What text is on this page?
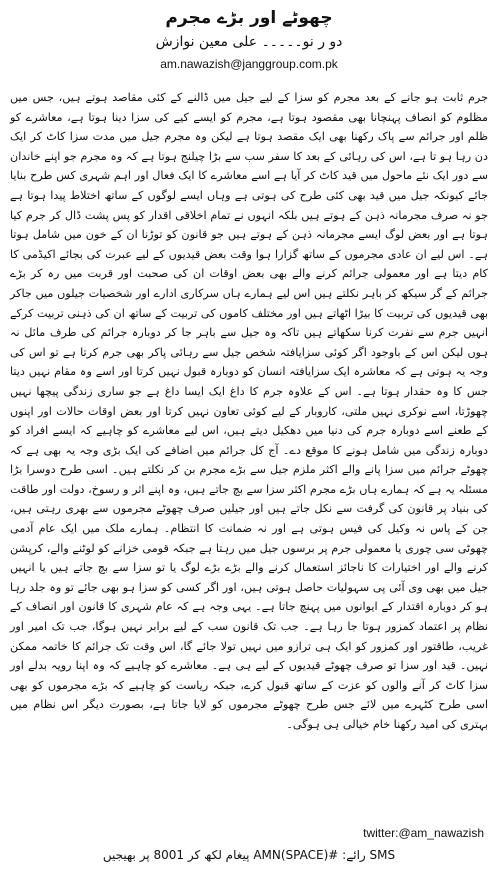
چھوٹے اور بڑے مجرم
دو ر نو۔۔۔۔۔ علی معین نوازش
am.nawazish@janggroup.com.pk

جرم ثابت ہو جانے کے بعد مجرم کو سزا کے لیے جیل میں ڈالنے کے کئی مقاصد ہوتے ہیں، جس میں مظلوم کو انصاف پہنچانا بھی مقصود ہوتا ہے، مجرم کو ایسے کیے کی سزا دینا ہوتا ہے، معاشرے کو ظلم اور جرائم سے پاک رکھنا بھی ایک مقصد ہوتا ہے لیکن وہ مجرم جیل میں مدت سزا کاٹ کر ایک دن رہا ہو تا ہے، اس کی رہائی کے بعد کا سفر سب سے بڑا چیلنج ہوتا ہے کہ وہ مجرم جو اپنے خاندان سے دور ایک نئے ماحول میں قید کاٹ کر آیا ہے اسے معاشرے کا ایک فعال اور اہم شہری کس طرح بنایا جائے کیونکہ جیل میں قید بھی کئی طرح کی ہوتی ہے وہاں ایسے لوگوں کے ساتھ اختلاط پیدا ہوتا ہے جو نہ صرف مجرمانہ ذہن کے ہوتے ہیں بلکہ انہوں نے تمام اخلاقی اقدار کو پس پشت ڈال کر جرم کیا ہوتا ہے اور بعض لوگ ایسے مجرمانہ ذہن کے ہوتے ہیں جو قانون کو توڑنا ان کے خون میں شامل ہوتا ہے۔ اس لیے ان عادی مجرموں کے ساتھ گزارا ہوا وقت بعض قیدیوں کے لیے عبرت کی بجائے اکیڈمی کا کام دیتا ہے اور معمولی جرائم کرنے والے بھی بعض اوقات ان کی صحبت اور قربت میں رہ کر بڑے جرائم کے گر سیکھ کر باہر نکلتے ہیں اس لیے ہمارے ہاں سرکاری ادارے اور شخصیات جیلوں میں جاکر بھی قیدیوں کی تربیت کا بیڑا اٹھاتے ہیں اور مختلف کاموں کی تربیت کے ساتھ ان کی ذہنی تربیت کرکے انہیں جرم سے نفرت کرنا سکھاتے ہیں تاکہ وہ جیل سے باہر جا کر دوبارہ جرائم کی طرف مائل نہ ہوں لیکن اس کے باوجود اگر کوئی سزایافتہ شخص جیل سے رہائی پاکر بھی جرم کرتا ہے تو اس کی وجہ یہ ہوتی ہے کہ معاشرہ ایک سزایافتہ انسان کو دوبارہ قبول نہیں کرتا اور اسے وہ مقام نہیں دیتا جس کا وہ حقدار ہوتا ہے۔ اس کے علاوہ جرم کا داغ ایک ایسا داغ ہے جو ساری زندگی پیچھا نہیں چھوڑتا، اسے نوکری نہیں ملتی، کاروبار کے لیے کوئی تعاون نہیں کرتا اور بعض اوقات حالات اور اپنوں کے طعنے اسے دوبارہ جرم کی دنیا میں دھکیل دیتے ہیں، اس لیے معاشرے کو چاہیے کہ ایسے افراد کو دوبارہ زندگی میں شامل ہونے کا موقع دے۔ آج کل جرائم میں اضافے کی ایک بڑی وجہ یہ بھی ہے کہ چھوٹے جرائم میں سزا پانے والے اکثر ملزم جیل سے بڑے مجرم بن کر نکلتے ہیں۔ اسی طرح دوسرا بڑا مسئلہ یہ ہے کہ ہمارے ہاں بڑے مجرم اکثر سزا سے بچ جاتے ہیں، وہ اپنے اثر و رسوخ، دولت اور طاقت کی بنیاد پر قانون کی گرفت سے نکل جاتے ہیں اور جیلیں صرف چھوٹے مجرموں سے بھری رہتی ہیں، جن کے پاس نہ وکیل کی فیس ہوتی ہے اور نہ ضمانت کا انتظام۔ ہمارے ملک میں ایک عام آدمی چھوٹی سی چوری یا معمولی جرم پر برسوں جیل میں رہتا ہے جبکہ قومی خزانے کو لوٹنے والے، کرپشن کرنے والے اور اختیارات کا ناجائز استعمال کرنے والے بڑے بڑے لوگ یا تو سزا سے بچ جاتے ہیں یا انہیں جیل میں بھی وی آئی پی سہولیات حاصل ہوتی ہیں، اور اگر کسی کو سزا ہو بھی جائے تو وہ جلد رہا ہو کر دوبارہ اقتدار کے ایوانوں میں پہنچ جاتا ہے۔ یہی وجہ ہے کہ عام شہری کا قانون اور انصاف کے نظام پر اعتماد کمزور ہوتا جا رہا ہے۔ جب تک قانون سب کے لیے برابر نہیں ہوگا، جب تک امیر اور غریب، طاقتور اور کمزور کو ایک ہی ترازو میں نہیں تولا جائے گا، اس وقت تک جرائم کا خاتمہ ممکن نہیں۔ قید اور سزا تو صرف چھوٹے قیدیوں کے لیے ہی ہے۔ معاشرے کو چاہیے کہ وہ اپنا رویہ بدلے اور سزا کاٹ کر آنے والوں کو عزت کے ساتھ قبول کرے، جبکہ ریاست کو چاہیے کہ بڑے مجرموں کو بھی اسی طرح کٹہرے میں لائے جس طرح چھوٹے مجرموں کو لایا جاتا ہے، بصورت دیگر اس نظام میں بہتری کی امید رکھنا خام خیالی ہی ہوگی۔

twitter:@am_nawazish
SMS رائے: #AMN(SPACE) پیغام لکھ کر 8001 پر بھیجیں
